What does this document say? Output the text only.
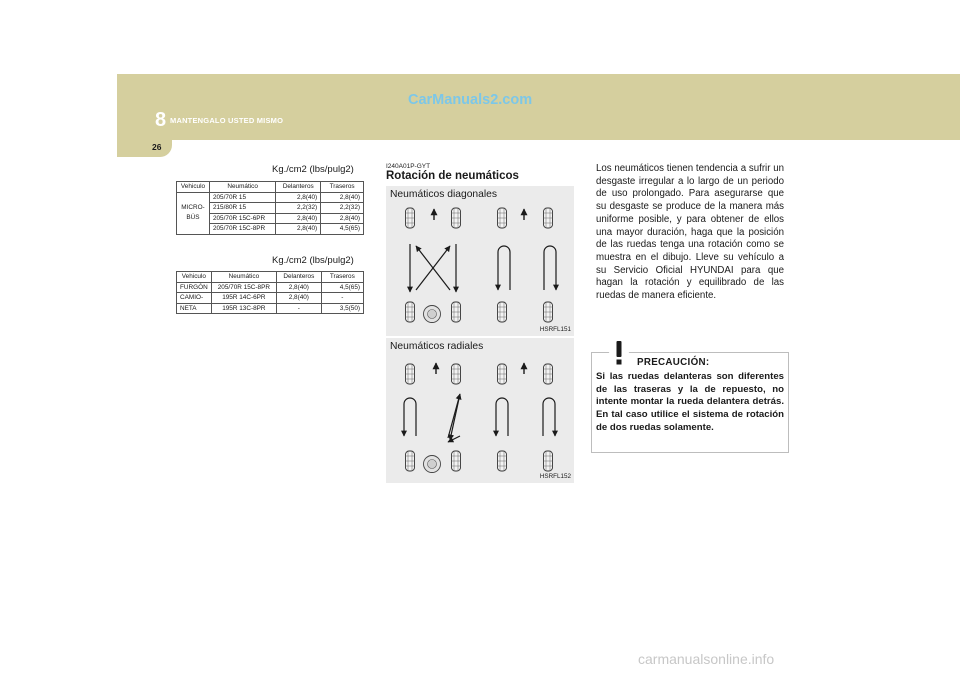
8 MANTENGALO USTED MISMO
26
CarManuals2.com
Kg./cm2 (lbs/pulg2)
Vehiculo	Neumático	Delanteros	Traseros
MICRO-
BÚS	205/70R 15	2,8(40)	2,8(40)
	215/80R 15	2,2(32)	2,2(32)
	205/70R 15C-6PR	2,8(40)	2,8(40)
	205/70R 15C-8PR	2,8(40)	4,5(65)
Kg./cm2 (lbs/pulg2)
Vehiculo	Neumático	Delanteros	Traseros
FURGÓN	205/70R 15C-8PR	2,8(40)	4,5(65)
CAMIO-	195R 14C-6PR	2,8(40)	-
NETA	195R 13C-8PR	-	3,5(50)
I240A01P-GYT
Rotación de neumáticos
Neumáticos diagonales
HSRFL151
Neumáticos radiales
HSRFL152
Los neumáticos tienen tendencia a sufrir un desgaste irregular a lo largo de un periodo de uso prolongado. Para asegurarse que su desgaste se produce de la manera más uniforme posible, y para obtener de ellos una mayor duración, haga que la posición de las ruedas tenga una rotación como se muestra en el dibujo. Lleve su vehículo a su Servicio Oficial HYUNDAI para que hagan la rotación y equilibrado de las ruedas de manera eficiente.
PRECAUCIÓN:
Si las ruedas delanteras son diferentes de las traseras y la de repuesto, no intente montar la rueda delantera detrás. En tal caso utilice el sistema de rotación de dos ruedas solamente.
carmanualsonline.info
